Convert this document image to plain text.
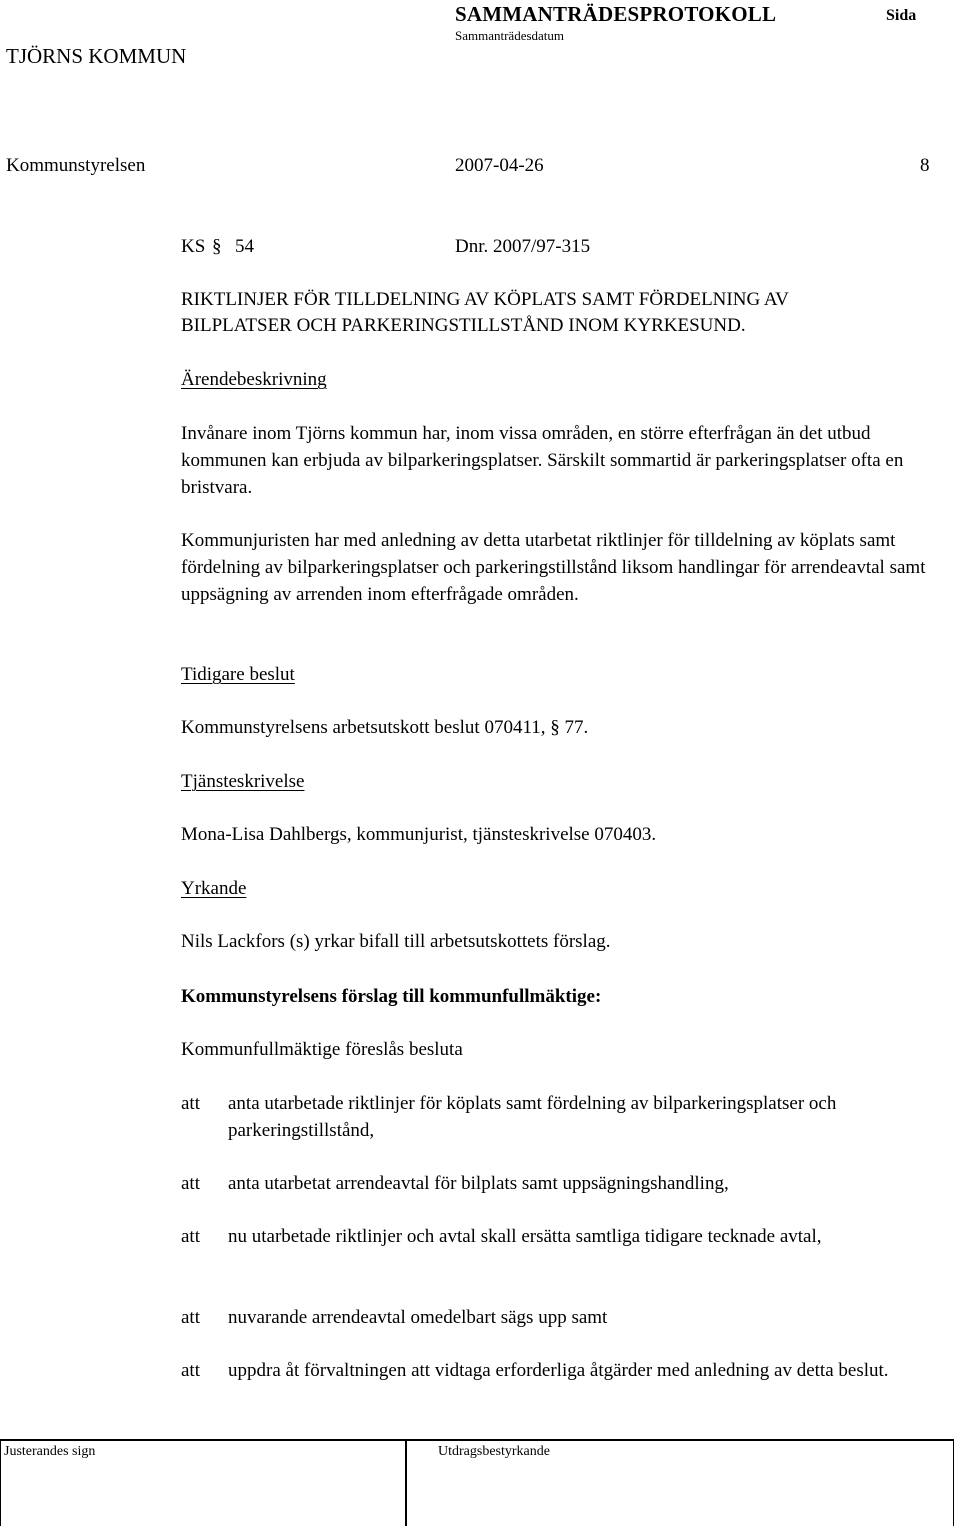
TJÖRNS KOMMUN
SAMMANTRÄDESPROTOKOLL
Sammanträdesdatum
Sida
Kommunstyrelsen	2007-04-26	8
KS § 54	Dnr. 2007/97-315
RIKTLINJER FÖR TILLDELNING AV KÖPLATS SAMT FÖRDELNING AV
BILPLATSER OCH PARKERINGSTILLSTÅND INOM KYRKESUND.
Ärendebeskrivning
Invånare inom Tjörns kommun har, inom vissa områden, en större efterfrågan än det utbud kommunen kan erbjuda av bilparkeringsplatser. Särskilt sommartid är parkeringsplatser ofta en bristvara.
Kommunjuristen har med anledning av detta utarbetat riktlinjer för tilldelning av köplats samt fördelning av bilparkeringsplatser och parkeringstillstånd liksom handlingar för arrendeavtal samt uppsägning av arrenden inom efterfrågade områden.
Tidigare beslut
Kommunstyrelsens arbetsutskott beslut 070411, § 77.
Tjänsteskrivelse
Mona-Lisa Dahlbergs, kommunjurist, tjänsteskrivelse 070403.
Yrkande
Nils Lackfors (s) yrkar bifall till arbetsutskottets förslag.
Kommunstyrelsens förslag till kommunfullmäktige:
Kommunfullmäktige föreslås besluta
att anta utarbetade riktlinjer för köplats samt fördelning av bilparkeringsplatser och parkeringstillstånd,
att anta utarbetat arrendeavtal för bilplats samt uppsägningshandling,
att nu utarbetade riktlinjer och avtal skall ersätta samtliga tidigare tecknade avtal,
att nuvarande arrendeavtal omedelbart sägs upp samt
att uppdra åt förvaltningen att vidtaga erforderliga åtgärder med anledning av detta beslut.
Justerandes sign	Utdragsbestyrkande
